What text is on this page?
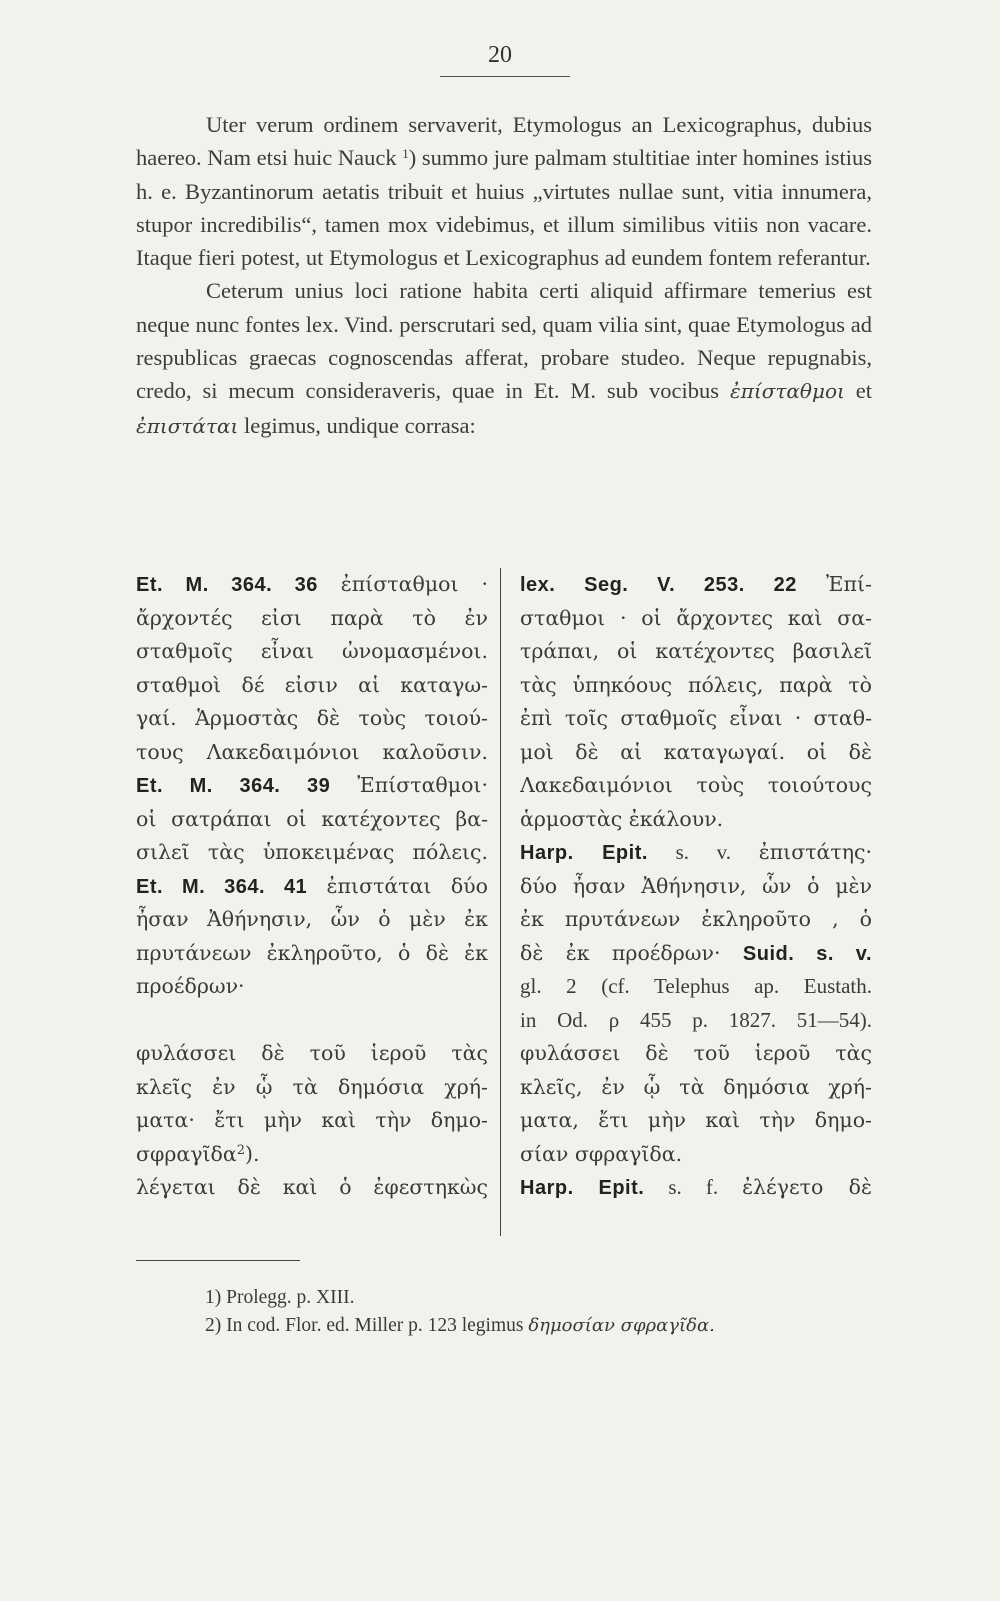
20

Uter verum ordinem servaverit, Etymologus an Lexicographus, dubius haereo. Nam etsi huic Nauck $^1$) summo jure palmam stultitiae inter homines istius h. e. Byzantinorum aetatis tribuit et huius „virtutes nullae sunt, vitia innumera, stupor incredibilis“, tamen mox videbimus, et illum similibus vitiis non vacare. Itaque fieri potest, ut Etymologus et Lexicographus ad eundem fontem referantur.

Ceterum unius loci ratione habita certi aliquid affirmare temerius est neque nunc fontes lex. Vind. perscrutari sed, quam vilia sint, quae Etymologus ad respublicas graecas cognoscendas afferat, probare studeo. Neque repugnabis, credo, si mecum consideraveris, quae in Et. M. sub vocibus ἐπίσταθμοι et ἐπιστάται legimus, undique corrasa:

Et. M. 364. 36 ἐπίσταθμοι ·
ἄρχοντές εἰσι παρὰ τὸ ἐν
σταθμοῖς εἶναι ὠνομασμένοι.
σταθμοὶ δέ εἰσιν αἱ καταγω-
γαί. Ἁρμοστὰς δὲ τοὺς τοιού-
τους Λακεδαιμόνιοι καλοῦσιν.
Et. M. 364. 39 Ἐπίσταθμοι·
οἱ σατράπαι οἱ κατέχοντες βα-
σιλεῖ τὰς ὑποκειμένας πόλεις.
Et. M. 364. 41 ἐπιστάται δύο
ἦσαν Ἀθήνησιν, ὧν ὁ μὲν ἐκ
πρυτάνεων ἐκληροῦτο, ὁ δὲ ἐκ
προέδρων·
φυλάσσει δὲ τοῦ ἱεροῦ τὰς
κλεῖς ἐν ᾧ τὰ δημόσια χρή-
ματα· ἔτι μὴν καὶ τὴν δημο-
σφραγῖδα$^2$).
λέγεται δὲ καὶ ὁ ἐφεστηκὼς
lex. Seg. V. 253. 22 Ἐπί-
σταθμοι · οἱ ἄρχοντες καὶ σα-
τράπαι, οἱ κατέχοντες βασιλεῖ
τὰς ὑπηκόους πόλεις, παρὰ τὸ
ἐπὶ τοῖς σταθμοῖς εἶναι · σταθ-
μοὶ δὲ αἱ καταγωγαί. οἱ δὲ
Λακεδαιμόνιοι τοὺς τοιούτους
ἁρμοστὰς ἐκάλουν.
Harp. Epit. s. v. ἐπιστάτης·
δύο ἦσαν Ἀθήνησιν, ὧν ὁ μὲν
ἐκ πρυτάνεων ἐκληροῦτο , ὁ
δὲ ἐκ προέδρων· Suid. s. v.
gl. 2 (cf. Telephus ap. Eustath.
in Od. ρ 455 p. 1827. 51—54).
φυλάσσει δὲ τοῦ ἱεροῦ τὰς
κλεῖς, ἐν ᾧ τὰ δημόσια χρή-
ματα, ἔτι μὴν καὶ τὴν δημο-
σίαν σφραγῖδα.
Harp. Epit. s. f. ἐλέγετο δὲ
1) Prolegg. p. XIII.
2) In cod. Flor. ed. Miller p. 123 legimus δημοσίαν σφραγῖδα.
